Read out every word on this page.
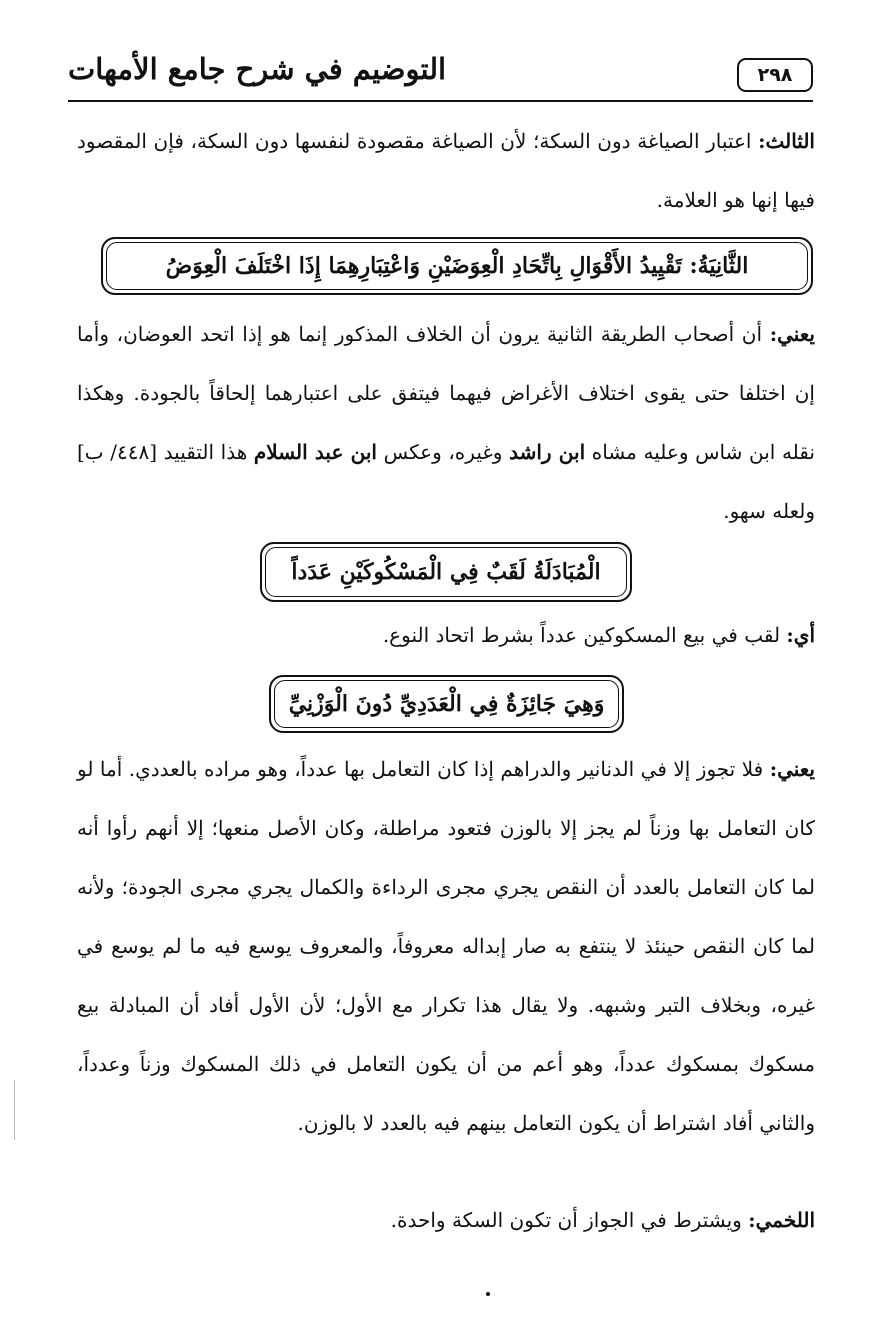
٢٩٨
التوضيم في شرح جامع الأمهات
الثالث: اعتبار الصياغة دون السكة؛ لأن الصياغة مقصودة لنفسها دون السكة، فإن المقصود فيها إنها هو العلامة.
الثَّانِيَةُ: تَقْيِيدُ الأَقْوَالِ بِاتِّحَادِ الْعِوَضَيْنِ وَاعْتِبَارِهِمَا إِذَا اخْتَلَفَ الْعِوَضُ
يعني: أن أصحاب الطريقة الثانية يرون أن الخلاف المذكور إنما هو إذا اتحد العوضان، وأما إن اختلفا حتى يقوى اختلاف الأغراض فيهما فيتفق على اعتبارهما إلحاقاً بالجودة. وهكذا نقله ابن شاس وعليه مشاه ابن راشد وغيره، وعكس ابن عبد السلام هذا التقييد [٤٤٨/ ب] ولعله سهو.
الْمُبَادَلَةُ لَقَبٌ فِي الْمَسْكُوكَيْنِ عَدَداً
أي: لقب في بيع المسكوكين عدداً بشرط اتحاد النوع.
وَهِيَ جَائِزَةٌ فِي الْعَدَدِيِّ دُونَ الْوَزْنِيِّ
يعني: فلا تجوز إلا في الدنانير والدراهم إذا كان التعامل بها عدداً، وهو مراده بالعددي. أما لو كان التعامل بها وزناً لم يجز إلا بالوزن فتعود مراطلة، وكان الأصل منعها؛ إلا أنهم رأوا أنه لما كان التعامل بالعدد أن النقص يجري مجرى الرداءة والكمال يجري مجرى الجودة؛ ولأنه لما كان النقص حينئذ لا ينتفع به صار إبداله معروفاً، والمعروف يوسع فيه ما لم يوسع في غيره، وبخلاف التبر وشبهه. ولا يقال هذا تكرار مع الأول؛ لأن الأول أفاد أن المبادلة بيع مسكوك بمسكوك عدداً، وهو أعم من أن يكون التعامل في ذلك المسكوك وزناً وعدداً، والثاني أفاد اشتراط أن يكون التعامل بينهم فيه بالعدد لا بالوزن.
اللخمي: ويشترط في الجواز أن تكون السكة واحدة.
